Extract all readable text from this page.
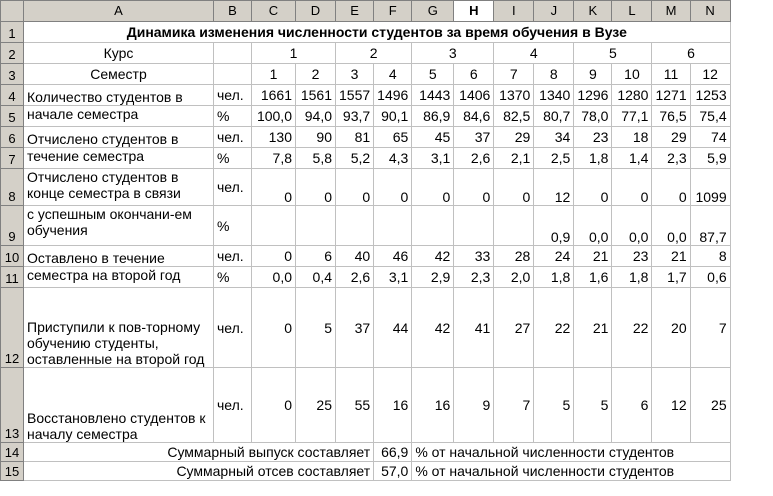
	A	B	C	D	E	F	G	H	I	J	K	L	M	N
1	Динамика изменения численности студентов за время обучения в Вузе													
2	Курс		1		2		3		4		5		6	
3	Семестр		1	2	3	4	5	6	7	8	9	10	11	12
4	Количество студентов в	чел.	1661	1561	1557	1496	1443	1406	1370	1340	1296	1280	1271	1253
5	начале семестра	%	100,0	94,0	93,7	90,1	86,9	84,6	82,5	80,7	78,0	77,1	76,5	75,4
6	Отчислено студентов в	чел.	130	90	81	65	45	37	29	34	23	18	29	74
7	течение семестра	%	7,8	5,8	5,2	4,3	3,1	2,6	2,1	2,5	1,8	1,4	2,3	5,9
8	Отчислено студентов в конце семестра в связи	чел.	0	0	0	0	0	0	0	12	0	0	0	1099
9	с успешным окончани-ем обучения	%								0,9	0,0	0,0	0,0	87,7
10	Оставлено в течение	чел.	0	6	40	46	42	33	28	24	21	23	21	8
11	семестра на второй год	%	0,0	0,4	2,6	3,1	2,9	2,3	2,0	1,8	1,6	1,8	1,7	0,6
12	Приступили к пов-торному обучению студенты, оставленные на второй год	чел.	0	5	37	44	42	41	27	22	21	22	20	7
13	Восстановлено студентов к началу семестра	чел.	0	25	55	16	16	9	7	5	5	6	12	25
14	Суммарный выпуск составляет					66,9	% от начальной численности студентов							
15	Суммарный отсев составляет					57,0	% от начальной численности студентов							
